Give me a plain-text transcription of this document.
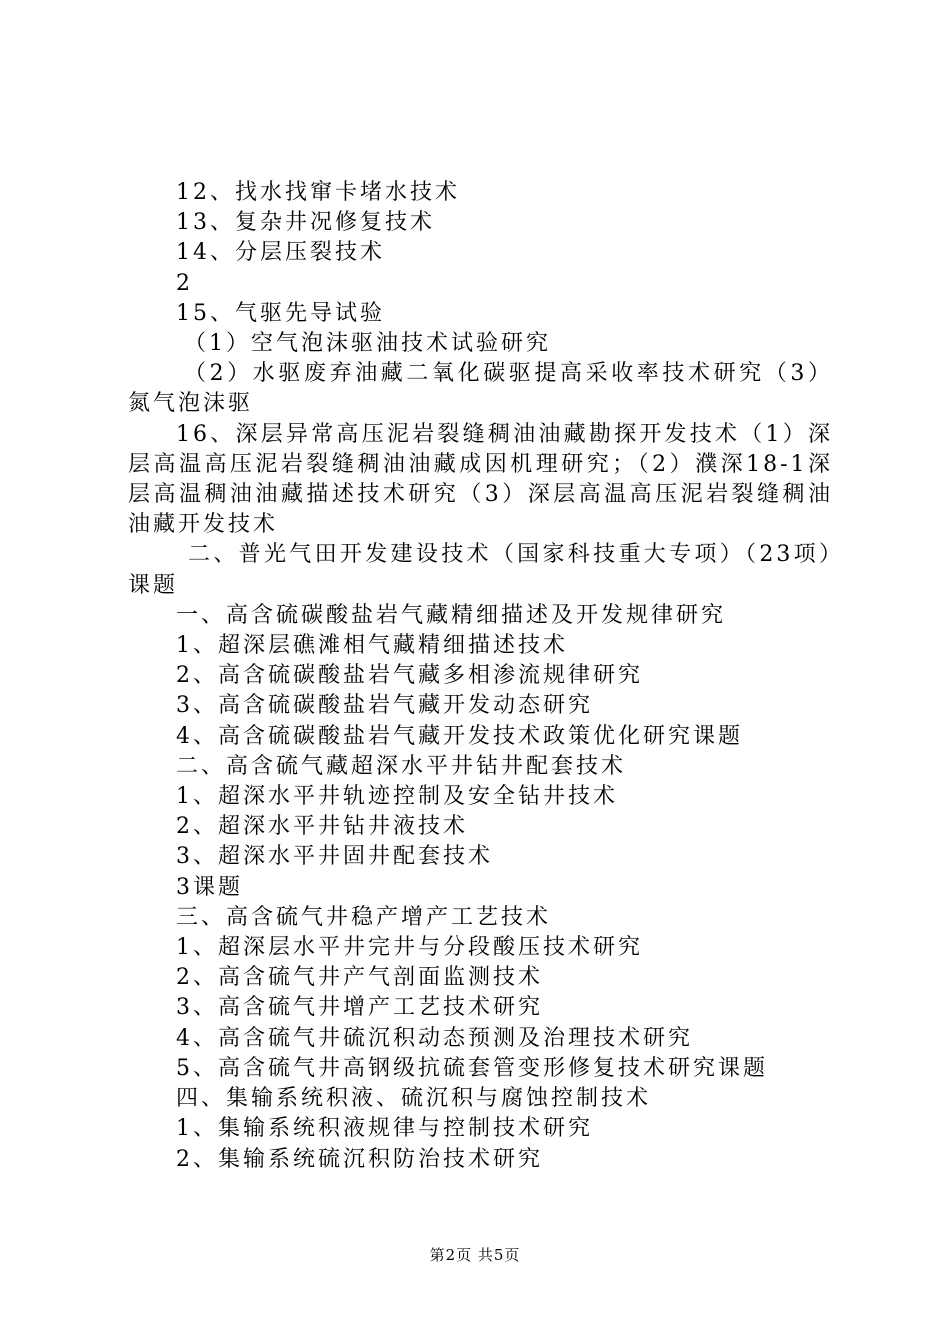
12、找水找窜卡堵水技术

13、复杂井况修复技术

14、分层压裂技术

2

15、气驱先导试验

（1）空气泡沫驱油技术试验研究

（2）水驱废弃油藏二氧化碳驱提高采收率技术研究（3）氮气泡沫驱

16、深层异常高压泥岩裂缝稠油油藏勘探开发技术（1）深层高温高压泥岩裂缝稠油油藏成因机理研究；（2）濮深18-1深层高温稠油油藏描述技术研究（3）深层高温高压泥岩裂缝稠油油藏开发技术

二、普光气田开发建设技术（国家科技重大专项）（23项）课题

一、高含硫碳酸盐岩气藏精细描述及开发规律研究

1、超深层礁滩相气藏精细描述技术

2、高含硫碳酸盐岩气藏多相渗流规律研究

3、高含硫碳酸盐岩气藏开发动态研究

4、高含硫碳酸盐岩气藏开发技术政策优化研究课题

二、高含硫气藏超深水平井钻井配套技术

1、超深水平井轨迹控制及安全钻井技术

2、超深水平井钻井液技术

3、超深水平井固井配套技术

3课题

三、高含硫气井稳产增产工艺技术

1、超深层水平井完井与分段酸压技术研究

2、高含硫气井产气剖面监测技术

3、高含硫气井增产工艺技术研究

4、高含硫气井硫沉积动态预测及治理技术研究

5、高含硫气井高钢级抗硫套管变形修复技术研究课题

四、集输系统积液、硫沉积与腐蚀控制技术

1、集输系统积液规律与控制技术研究

2、集输系统硫沉积防治技术研究

第2页 共5页
